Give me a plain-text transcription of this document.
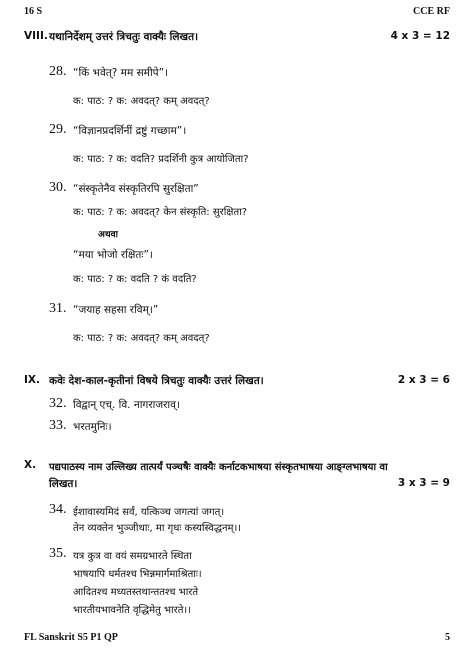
16 S	CCE RF
VIII. यथानिर्देशम् उत्तरं त्रिचतुः वाक्यैः लिखत।	4 x 3 = 12
28. “किं भवेत्? मम समीपे”।
क: पाठ: ? क: अवदत्? कम् अवदत्?
29. “विज्ञानप्रदर्शिनीं द्रष्टुं गच्छाम”।
क: पाठ: ? क: वदति? प्रदर्शिनी कुत्र आयोजिता?
30. “संस्कृतेनैव संस्कृतिरपि सुरक्षिता”
क: पाठ: ? क: अवदत्? केन संस्कृति: सुरक्षिता?
अथवा
“मया भोजो रक्षितः”।
क: पाठ: ? क: वदति ? कं वदति?
31. “जयाह सहसा रविम्।”
क: पाठ: ? क: अवदत्? कम् अवदत्?
IX. कवेः देश-काल-कृतीनां विषये त्रिचतुः वाक्यैः उत्तरं लिखत।	2 x 3 = 6
32. विद्वान् एच्. वि. नागराजराव्।
33. भरतमुनिः।
X. पद्यपाठस्य नाम उल्लिख्य तात्पर्यं पञ्चषैः वाक्यैः कर्नाटकभाषया संस्कृतभाषया आङ्ग्लभाषया वा
लिखत।	3 x 3 = 9
34. ईशावास्यमिदं सर्वं, यत्किञ्च जगत्यां जगत्।
तेन व्यक्तेन भुञ्जीथाः, मा गृधः कस्यस्विद्धनम्।।
35. यत्र कुत्र वा वयं समग्रभारते स्थिता
भाषयापि धर्मतश्च भिन्नमार्गमाश्रिताः।
आदितश्च मध्यतस्तथान्ततश्च भारते
भारतीयभावनेति वृद्धिमेतु भारते।।
FL Sanskrit S5 P1 QP	5
